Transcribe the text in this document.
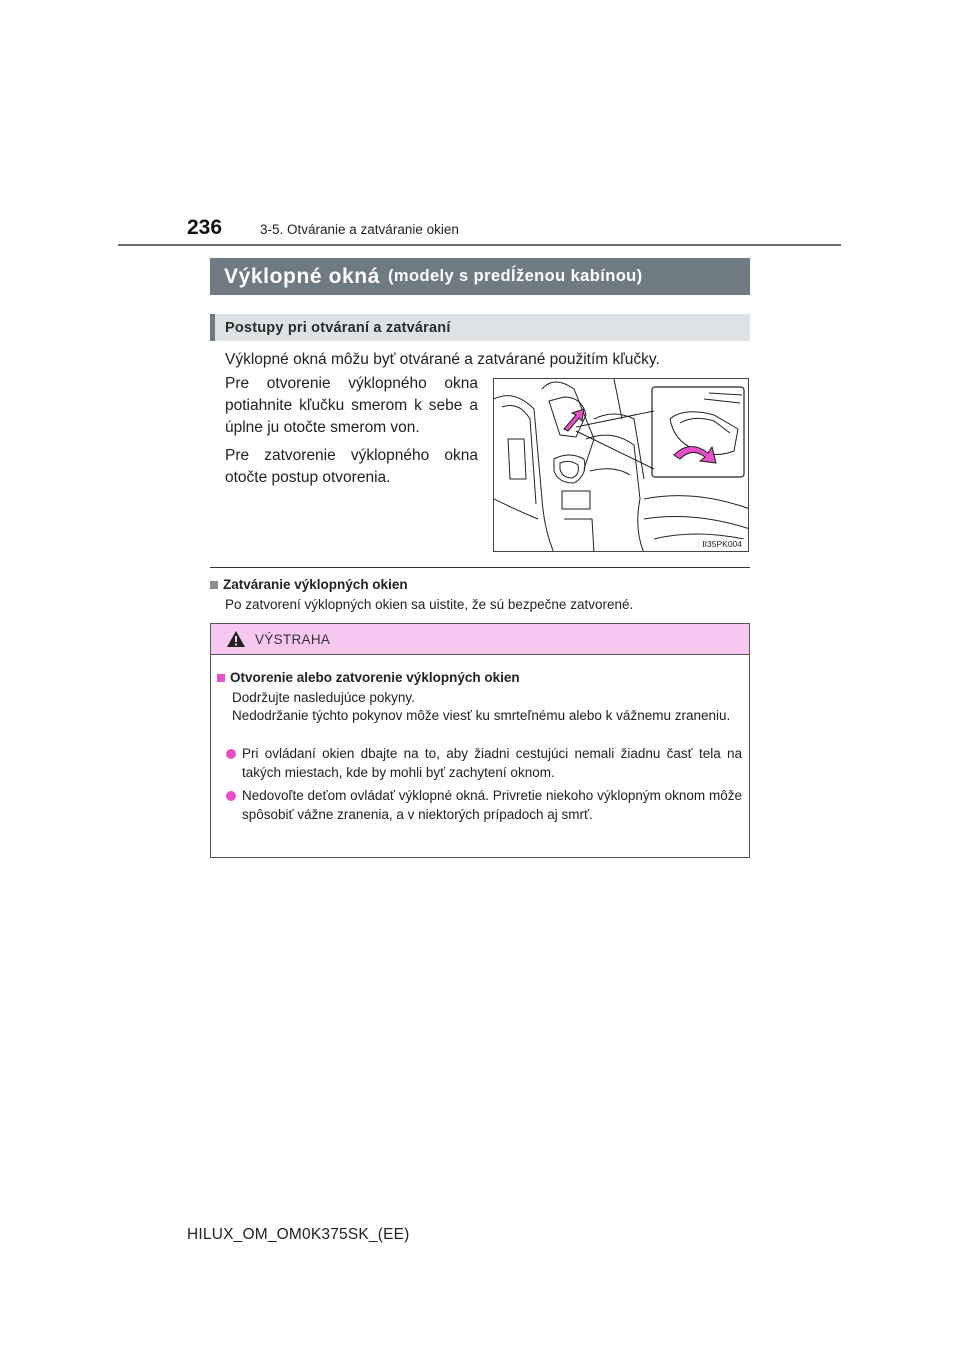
236	3-5. Otváranie a zatváranie okien
Výklopné okná (modely s predĺženou kabínou)
Postupy pri otváraní a zatváraní
Výklopné okná môžu byť otvárané a zatvárané použitím kľučky.
Pre otvorenie výklopného okna potiahnite kľučku smerom k sebe a úplne ju otočte smerom von.
Pre zatvorenie výklopného okna otočte postup otvorenia.
II35PK004
Zatváranie výklopných okien
Po zatvorení výklopných okien sa uistite, že sú bezpečne zatvorené.
VÝSTRAHA
Otvorenie alebo zatvorenie výklopných okien
Dodržujte nasledujúce pokyny.
Nedodržanie týchto pokynov môže viesť ku smrteľnému alebo k vážnemu zraneniu.
Pri ovládaní okien dbajte na to, aby žiadni cestujúci nemali žiadnu časť tela na takých miestach, kde by mohli byť zachytení oknom.
Nedovoľte deťom ovládať výklopné okná. Privretie niekoho výklopným oknom môže spôsobiť vážne zranenia, a v niektorých prípadoch aj smrť.
HILUX_OM_OM0K375SK_(EE)
